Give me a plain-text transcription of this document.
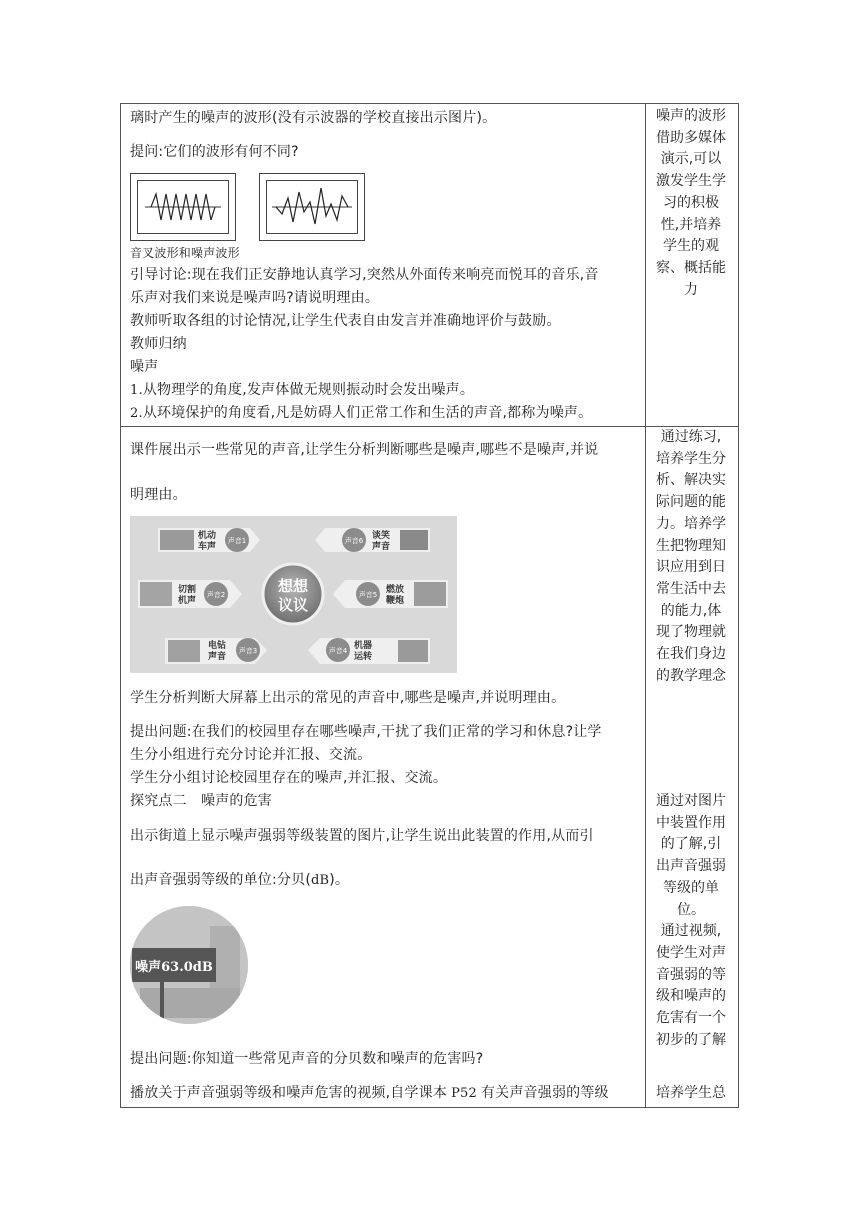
璃时产生的噪声的波形(没有示波器的学校直接出示图片)。
提问:它们的波形有何不同?
音叉波形和噪声波形
引导讨论:现在我们正安静地认真学习,突然从外面传来响亮而悦耳的音乐,音
乐声对我们来说是噪声吗?请说明理由。
教师听取各组的讨论情况,让学生代表自由发言并准确地评价与鼓励。
教师归纳
噪声
1.从物理学的角度,发声体做无规则振动时会发出噪声。
2.从环境保护的角度看,凡是妨碍人们正常工作和生活的声音,都称为噪声。
噪声的波形
借助多媒体
演示,可以
激发学生学
习的积极
性,并培养
学生的观
察、概括能
力
课件展出示一些常见的声音,让学生分析判断哪些是噪声,哪些不是噪声,并说
明理由。
想想
议议
声音1
机动
车声
声音2
切割
机声
声音3
电钻
声音
声音4 机器
运转
声音5 燃放
鞭炮
声音6 谈笑
声音
学生分析判断大屏幕上出示的常见的声音中,哪些是噪声,并说明理由。
提出问题:在我们的校园里存在哪些噪声,干扰了我们正常的学习和休息?让学
生分小组进行充分讨论并汇报、交流。
学生分小组讨论校园里存在的噪声,并汇报、交流。
探究点二　噪声的危害
出示街道上显示噪声强弱等级装置的图片,让学生说出此装置的作用,从而引
出声音强弱等级的单位:分贝(dB)。
噪声63.0dB
提出问题:你知道一些常见声音的分贝数和噪声的危害吗?
播放关于声音强弱等级和噪声危害的视频,自学课本 P52 有关声音强弱的等级
通过练习,
培养学生分
析、解决实
际问题的能
力。培养学
生把物理知
识应用到日
常生活中去
的能力,体
现了物理就
在我们身边
的教学理念
通过对图片
中装置作用
的了解,引
出声音强弱
等级的单
位。
通过视频,
使学生对声
音强弱的等
级和噪声的
危害有一个
初步的了解
培养学生总
